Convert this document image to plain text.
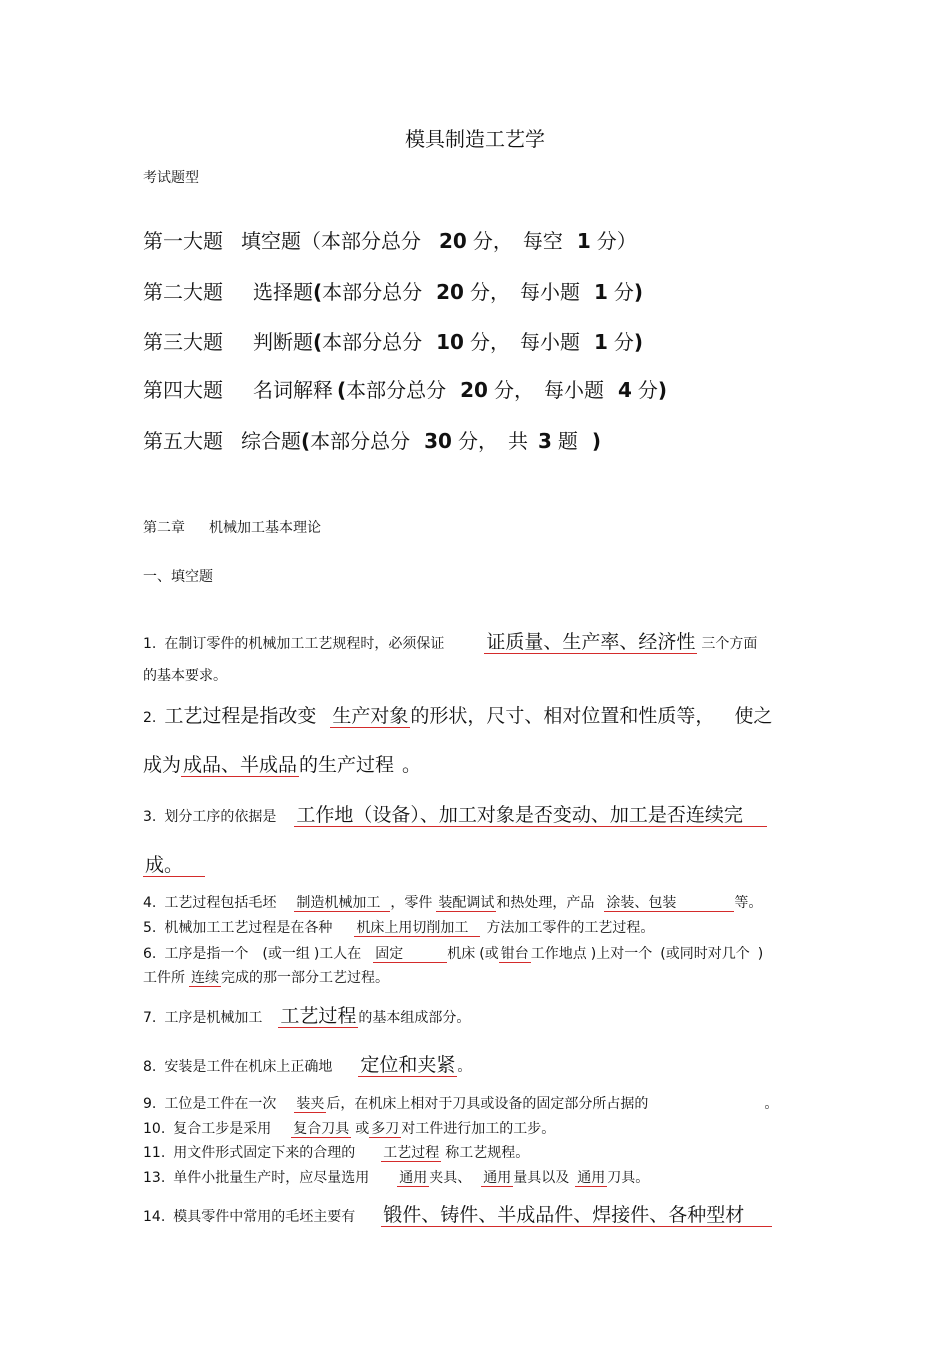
模具制造工艺学
考试题型
第一大题 填空题（本部分总分 20 分， 每空 1 分）
第二大题 选择题(本部分总分 20 分， 每小题 1 分)
第三大题 判断题(本部分总分 10 分， 每小题 1 分)
第四大题 名词解释 (本部分总分 20 分， 每小题 4 分)
第五大题 综合题(本部分总分 30 分， 共 3 题 )
第二章 机械加工基本理论
一、填空题
1. 在制订零件的机械加工工艺规程时，必须保证 证质量、生产率、经济性 三个方面
的基本要求。
2. 工艺过程是指改变 生产对象 的形状，尺寸、相对位置和性质等， 使之
成为 成品、半成品 的生产过程 。
3. 划分工序的依据是 工作地（设备）、加工对象是否变动、加工是否连续完
成。
4. 工艺过程包括毛坯 制造机械加工 ，零件 装配调试 和热处理，产品 涂装、包装	等。
5. 机械加工工艺过程是在各种 机床上用切削加工 方法加工零件的工艺过程。
6. 工序是指一个 (或一组 )工人在 固定	机床 (或 钳台 工作地点 )上对一个 (或同时对几个 )
工件所 连续 完成的那一部分工艺过程。
7. 工序是机械加工 工艺过程 的基本组成部分。
8. 安装是工件在机床上正确地 定位和夹紧 。
9. 工位是工件在一次 装夹 后，在机床上相对于刀具或设备的固定部分所占据的	。
10. 复合工步是采用 复合刀具 或 多刀 对工件进行加工的工步。
11. 用文件形式固定下来的合理的 工艺过程 称工艺规程。
13. 单件小批量生产时，应尽量选用 通用 夹具、 通用 量具以及 通用 刀具。
14. 模具零件中常用的毛坯主要有 锻件、铸件、半成品件、焊接件、各种型材
